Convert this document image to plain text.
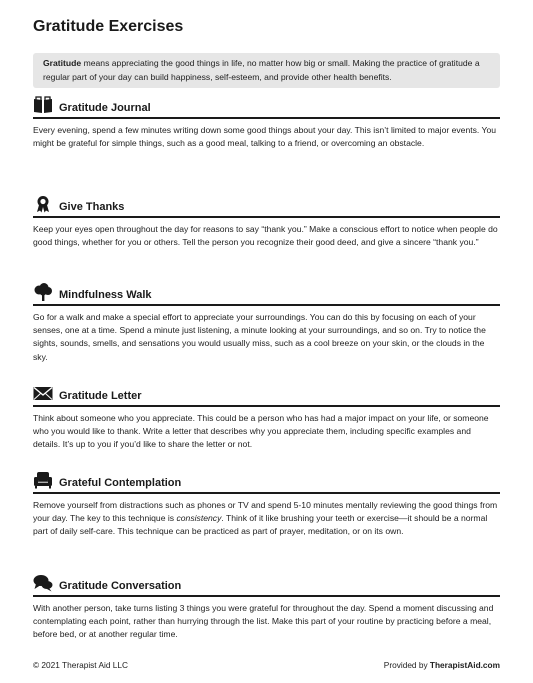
Gratitude Exercises
Gratitude means appreciating the good things in life, no matter how big or small. Making the practice of gratitude a regular part of your day can build happiness, self-esteem, and provide other health benefits.
Gratitude Journal
Every evening, spend a few minutes writing down some good things about your day. This isn’t limited to major events. You might be grateful for simple things, such as a good meal, talking to a friend, or overcoming an obstacle.
Give Thanks
Keep your eyes open throughout the day for reasons to say “thank you.” Make a conscious effort to notice when people do good things, whether for you or others. Tell the person you recognize their good deed, and give a sincere “thank you.”
Mindfulness Walk
Go for a walk and make a special effort to appreciate your surroundings. You can do this by focusing on each of your senses, one at a time. Spend a minute just listening, a minute looking at your surroundings, and so on. Try to notice the sights, sounds, smells, and sensations you would usually miss, such as a cool breeze on your skin, or the clouds in the sky.
Gratitude Letter
Think about someone who you appreciate. This could be a person who has had a major impact on your life, or someone who you would like to thank. Write a letter that describes why you appreciate them, including specific examples and details. It’s up to you if you’d like to share the letter or not.
Grateful Contemplation
Remove yourself from distractions such as phones or TV and spend 5-10 minutes mentally reviewing the good things from your day. The key to this technique is consistency. Think of it like brushing your teeth or exercise—it should be a normal part of daily self-care. This technique can be practiced as part of prayer, meditation, or on its own.
Gratitude Conversation
With another person, take turns listing 3 things you were grateful for throughout the day. Spend a moment discussing and contemplating each point, rather than hurrying through the list. Make this part of your routine by practicing before a meal, before bed, or at another regular time.
© 2021 Therapist Aid LLC	Provided by TherapistAid.com
